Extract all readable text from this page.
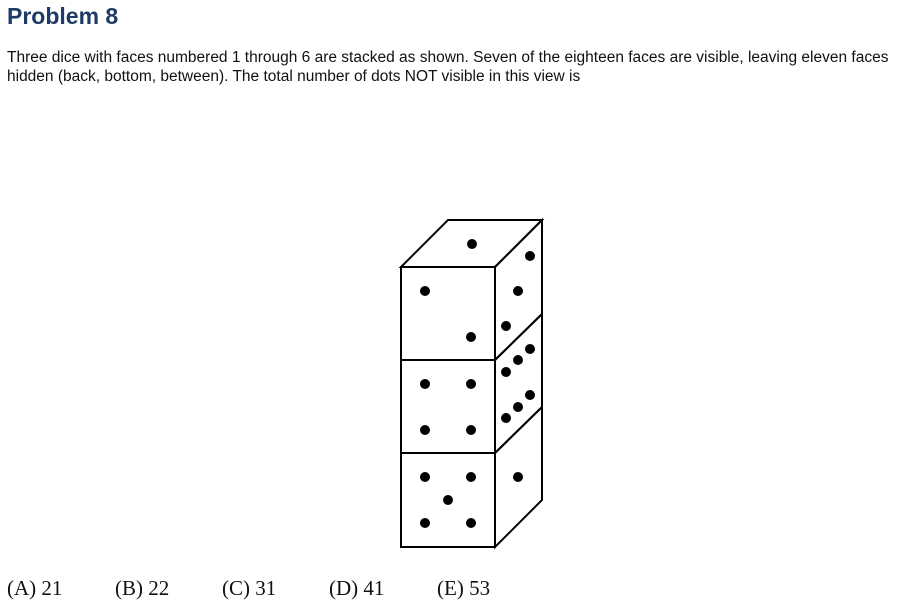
Problem 8

Three dice with faces numbered 1 through 6 are stacked as shown. Seven of the eighteen faces are visible, leaving eleven faces hidden (back, bottom, between). The total number of dots NOT visible in this view is

(A) 21	(B) 22	(C) 31	(D) 41	(E) 53
